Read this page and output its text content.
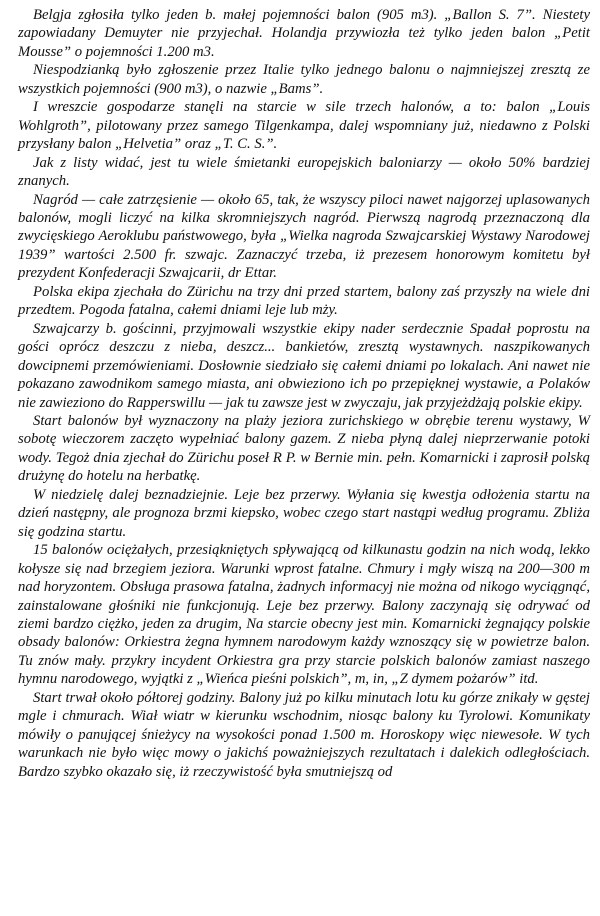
Belgja zgłosiła tylko jeden b. małej pojemności balon (905 m3). „Ballon S. 7”. Niestety zapowiadany Demuyter nie przyjechał. Holandja przywiozła też tylko jeden balon „Petit Mousse” o pojemności 1.200 m3.

Niespodzianką było zgłoszenie przez Italie tylko jednego balonu o najmniejszej zresztą ze wszystkich pojemności (900 m3), o nazwie „Bams”.

I wreszcie gospodarze stanęli na starcie w sile trzech halonów, a to: balon „Louis Wohlgroth”, pilotowany przez samego Tilgenkampa, dalej wspomniany już, niedawno z Polski przysłany balon „Helvetia” oraz „T. C. S.”.

Jak z listy widać, jest tu wiele śmietanki europejskich baloniarzy — około 50% bardziej znanych.

Nagród — całe zatrzęsienie — około 65, tak, że wszyscy piloci nawet najgorzej uplasowanych balonów, mogli liczyć na kilka skromniejszych nagród. Pierwszą nagrodą przeznaczoną dla zwycięskiego Aeroklubu państwowego, była „Wielka nagroda Szwajcarskiej Wystawy Narodowej 1939” wartości 2.500 fr. szwajc. Zaznaczyć trzeba, iż prezesem honorowym komitetu był prezydent Konfederacji Szwajcarii, dr Ettar.

Polska ekipa zjechała do Zürichu na trzy dni przed startem, balony zaś przyszły na wiele dni przedtem. Pogoda fatalna, całemi dniami leje lub mży.

Szwajcarzy b. gościnni, przyjmowali wszystkie ekipy nader serdecznie Spadał poprostu na gości oprócz deszczu z nieba, deszcz... bankietów, zresztą wystawnych. naszpikowanych dowcipnemi przemówieniami. Dosłownie siedziało się całemi dniami po lokalach. Ani nawet nie pokazano zawodnikom samego miasta, ani obwieziono ich po przepięknej wystawie, a Polaków nie zawieziono do Rapperswillu — jak tu zawsze jest w zwyczaju, jak przyjeżdżają polskie ekipy.

Start balonów był wyznaczony na plaży jeziora zurichskiego w obrębie terenu wystawy, W sobotę wieczorem zaczęto wypełniać balony gazem. Z nieba płyną dalej nieprzerwanie potoki wody. Tegoż dnia zjechał do Zürichu poseł R P. w Bernie min. pełn. Komarnicki i zaprosił polską drużynę do hotelu na herbatkę.

W niedzielę dalej beznadziejnie. Leje bez przerwy. Wyłania się kwestja odłożenia startu na dzień następny, ale prognoza brzmi kiepsko, wobec czego start nastąpi według programu. Zbliża się godzina startu.

15 balonów ociężałych, przesiąkniętych spływającą od kilkunastu godzin na nich wodą, lekko kołysze się nad brzegiem jeziora. Warunki wprost fatalne. Chmury i mgły wiszą na 200—300 m nad horyzontem. Obsługa prasowa fatalna, żadnych informacyj nie można od nikogo wyciągnąć, zainstalowane głośniki nie funkcjonują. Leje bez przerwy. Balony zaczynają się odrywać od ziemi bardzo ciężko, jeden za drugim, Na starcie obecny jest min. Komarnicki żegnający polskie obsady balonów: Orkiestra żegna hymnem narodowym każdy wznoszący się w powietrze balon. Tu znów mały. przykry incydent Orkiestra gra przy starcie polskich balonów zamiast naszego hymnu narodowego, wyjątki z „Wieńca pieśni polskich”, m, in, „Z dymem pożarów” itd.

Start trwał około półtorej godziny. Balony już po kilku minutach lotu ku górze znikały w gęstej mgle i chmurach. Wiał wiatr w kierunku wschodnim, niosąc balony ku Tyrolowi. Komunikaty mówiły o panującej śnieżycy na wysokości ponad 1.500 m. Horoskopy więc niewesołe. W tych warunkach nie było więc mowy o jakichś poważniejszych rezultatach i dalekich odległościach. Bardzo szybko okazało się, iż rzeczywistość była smutniejszą od
